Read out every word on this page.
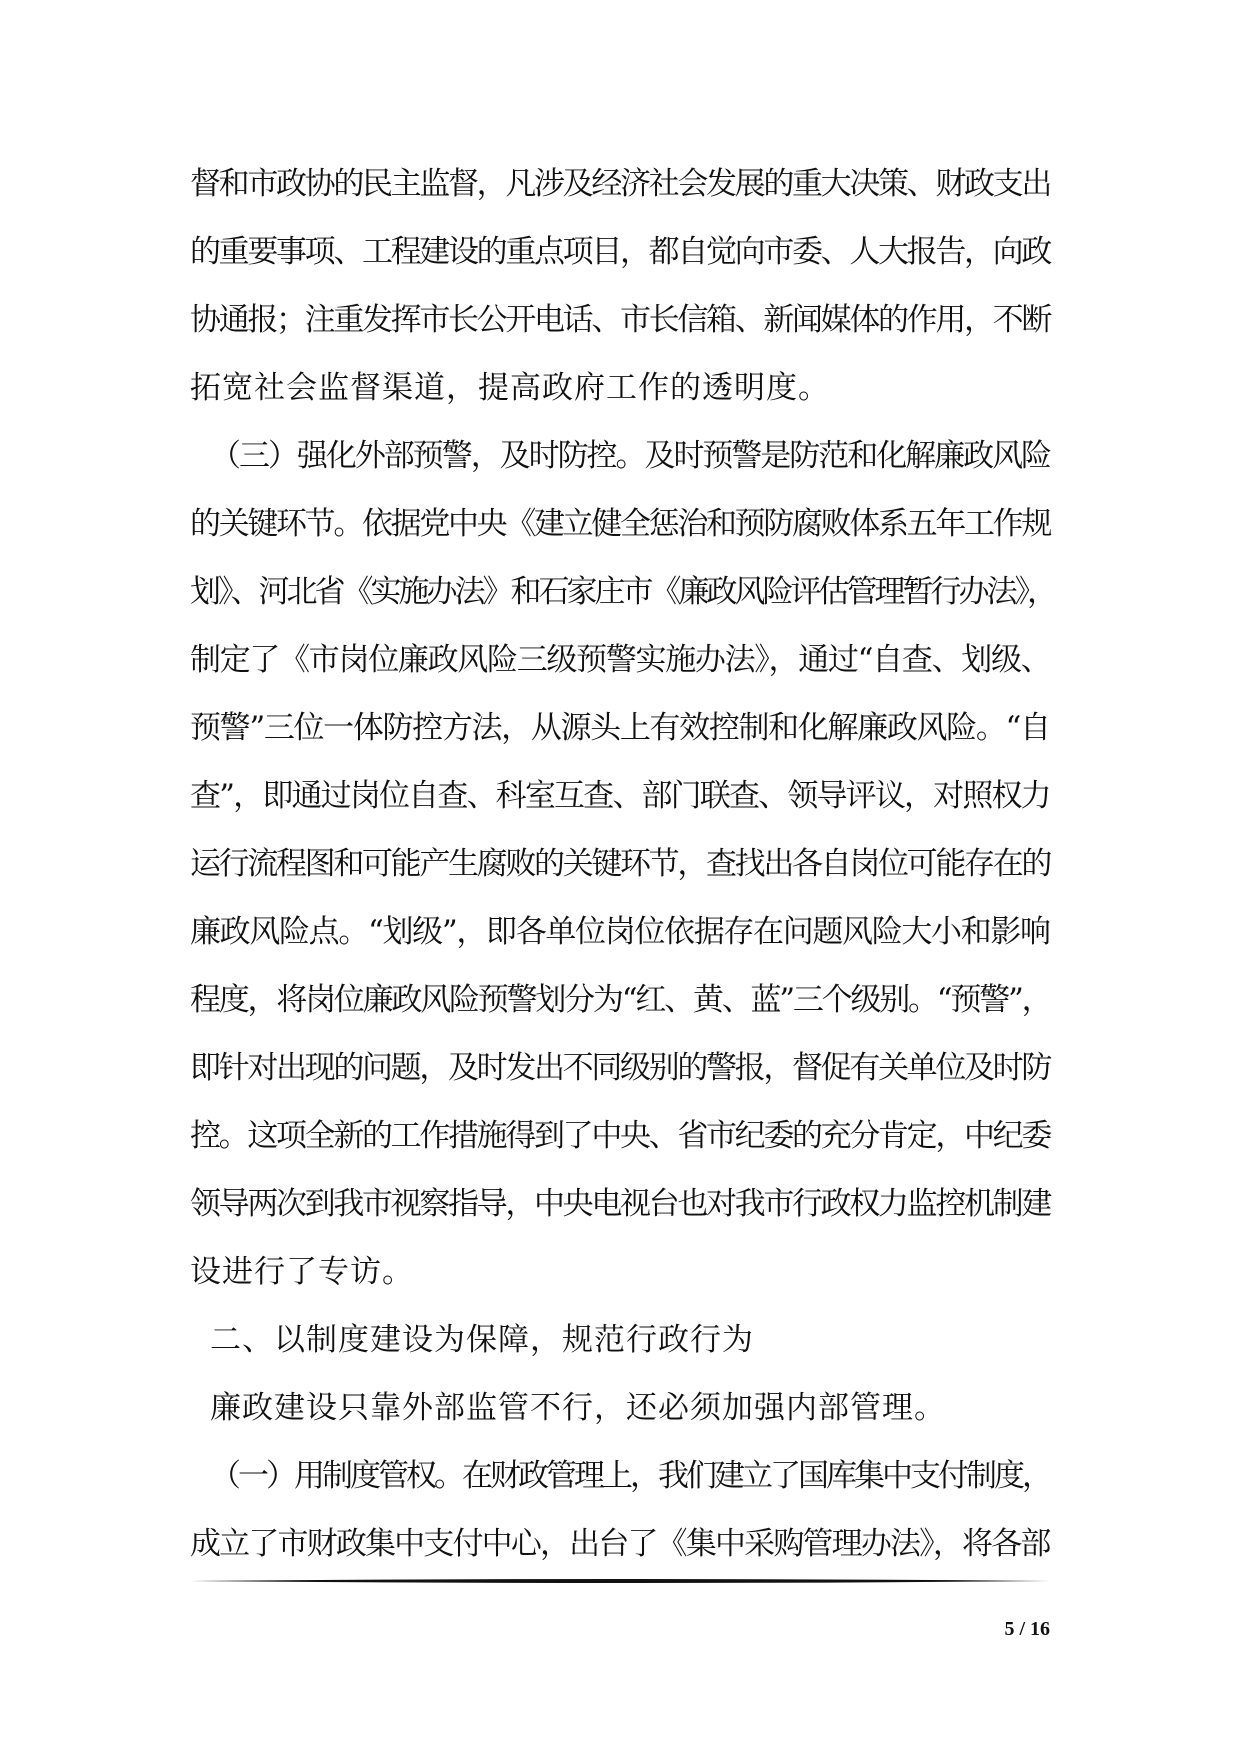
督和市政协的民主监督，凡涉及经济社会发展的重大决策、财政支出
的重要事项、工程建设的重点项目，都自觉向市委、人大报告，向政
协通报；注重发挥市长公开电话、市长信箱、新闻媒体的作用，不断
拓宽社会监督渠道，提高政府工作的透明度。
（三）强化外部预警，及时防控。及时预警是防范和化解廉政风险
的关键环节。依据党中央《建立健全惩治和预防腐败体系五年工作规
划》、河北省《实施办法》和石家庄市《廉政风险评估管理暂行办法》，
制定了《市岗位廉政风险三级预警实施办法》，通过“自查、划级、
预警”三位一体防控方法，从源头上有效控制和化解廉政风险。“自
查”，即通过岗位自查、科室互查、部门联查、领导评议，对照权力
运行流程图和可能产生腐败的关键环节，查找出各自岗位可能存在的
廉政风险点。“划级”，即各单位岗位依据存在问题风险大小和影响
程度，将岗位廉政风险预警划分为“红、黄、蓝”三个级别。“预警”，
即针对出现的问题，及时发出不同级别的警报，督促有关单位及时防
控。这项全新的工作措施得到了中央、省市纪委的充分肯定，中纪委
领导两次到我市视察指导，中央电视台也对我市行政权力监控机制建
设进行了专访。
二、以制度建设为保障，规范行政行为
廉政建设只靠外部监管不行，还必须加强内部管理。
（一）用制度管权。在财政管理上，我们建立了国库集中支付制度，
成立了市财政集中支付中心，出台了《集中采购管理办法》，将各部
5 / 16
